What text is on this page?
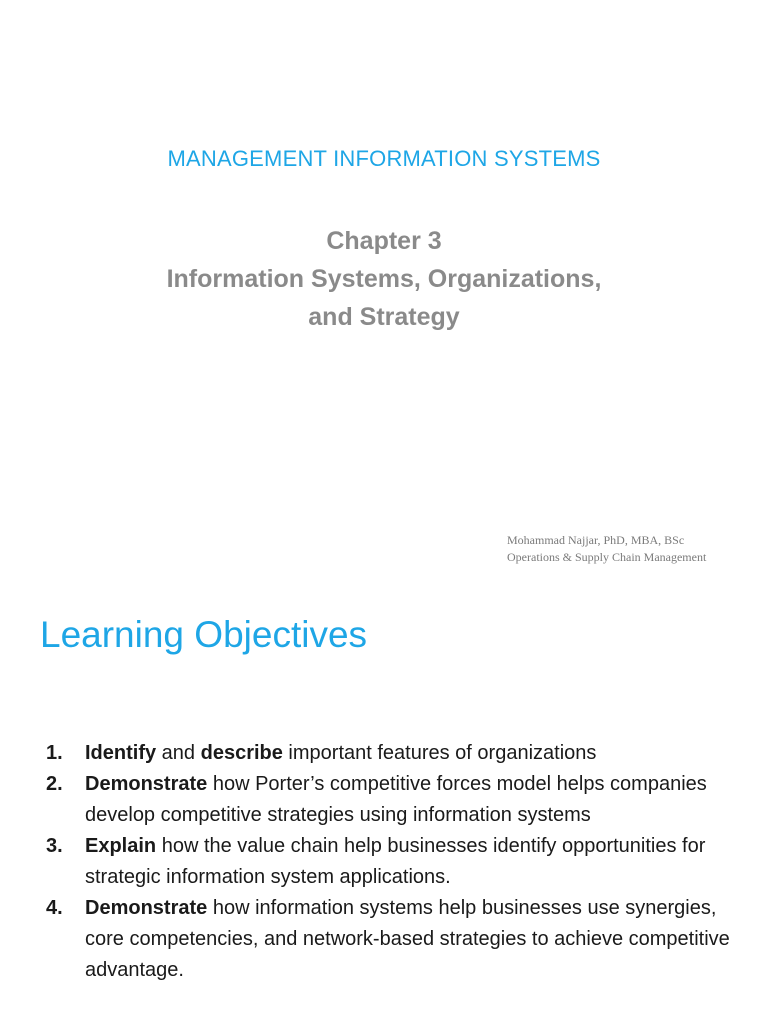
MANAGEMENT INFORMATION SYSTEMS
Chapter 3
Information Systems, Organizations,
and Strategy
Mohammad Najjar, PhD, MBA, BSc
Operations & Supply Chain Management
Learning Objectives
1.	Identify and describe important features of organizations
2.	Demonstrate how Porter’s competitive forces model helps companies develop competitive strategies using information systems
3.	Explain how the value chain help businesses identify opportunities for strategic information system applications.
4.	Demonstrate how information systems help businesses use synergies, core competencies, and network-based strategies to achieve competitive advantage.
